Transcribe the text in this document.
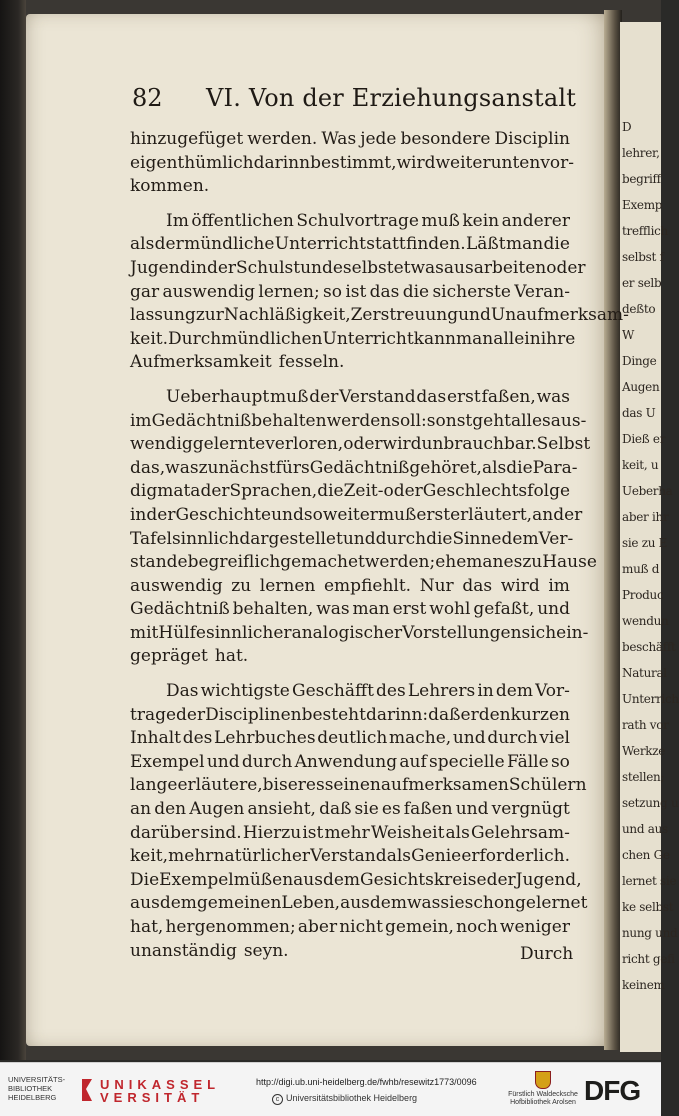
D
lehrer,
begriff
Exemp
trefflich
selbst f
er selb
deßto
W
Dinge
Augen
das U
Dieß er
keit, u
Ueberha
aber ihr
sie zu E
muß d
Produc
wendun
beschäfft
Natural
Unterrich
rath vor
Werkze
stellen;
setzung u
und aus
chen Ge
lernet sie
ke selbst
nung und
richt gefi
keinem
82 VI. Von der Erziehungsanstalt
hinzugefüget werden. Was jede besondere Disciplin
eigenthümlich darinn bestimmt, wird weiter unten vor-
kommen.
Im öffentlichen Schulvortrage muß kein anderer
als der mündliche Unterricht statt finden. Läßt man die
Jugend in der Schulstunde selbst etwas ausarbeiten oder
gar auswendig lernen; so ist das die sicherste Veran-
lassung zur Nachläßigkeit, Zerstreuung und Unaufmerksam-
keit. Durch mündlichen Unterricht kann man allein ihre
Aufmerksamkeit fesseln.
Ueberhaupt muß der Verstand das erst faßen, was
im Gedächtniß behalten werden soll: sonst geht alles aus-
wendig gelernte verloren, oder wird unbrauchbar. Selbst
das, was zunächst fürs Gedächtniß gehöret, als die Para-
digmata der Sprachen, die Zeit- oder Geschlechtsfolge
in der Geschichte und so weiter muß erst erläutert, an der
Tafel sinnlich dargestellet und durch die Sinne dem Ver-
stande begreiflich gemachet werden; ehe man es zu Hause
auswendig zu lernen empfiehlt. Nur das wird im
Gedächtniß behalten, was man erst wohl gefaßt, und
mit Hülfe sinnlicher analogischer Vorstellungen sich ein-
gepräget hat.
Das wichtigste Geschäfft des Lehrers in dem Vor-
trage der Disciplinen besteht darinn: daß er den kurzen
Inhalt des Lehrbuches deutlich mache, und durch viel
Exempel und durch Anwendung auf specielle Fälle so
lange erläutere, bis er es seinen aufmerksamen Schülern
an den Augen ansieht, daß sie es faßen und vergnügt
darüber sind. Hierzu ist mehr Weisheit als Gelehrsam-
keit, mehr natürlicher Verstand als Genie erforderlich.
Die Exempel müßen aus dem Gesichtskreise der Jugend,
aus dem gemeinen Leben, aus dem was sie schon gelernet
hat, hergenommen; aber nicht gemein, noch weniger
unanständig seyn.	Durch
UNIVERSITÄTS-
BIBLIOTHEK
HEIDELBERG
UNIKASSEL
VERSITÄT
http://digi.ub.uni-heidelberg.de/fwhb/resewitz1773/0096
c Universitätsbibliothek Heidelberg	Fürstlich Waldecksche
Hofbibliothek Arolsen DFG
